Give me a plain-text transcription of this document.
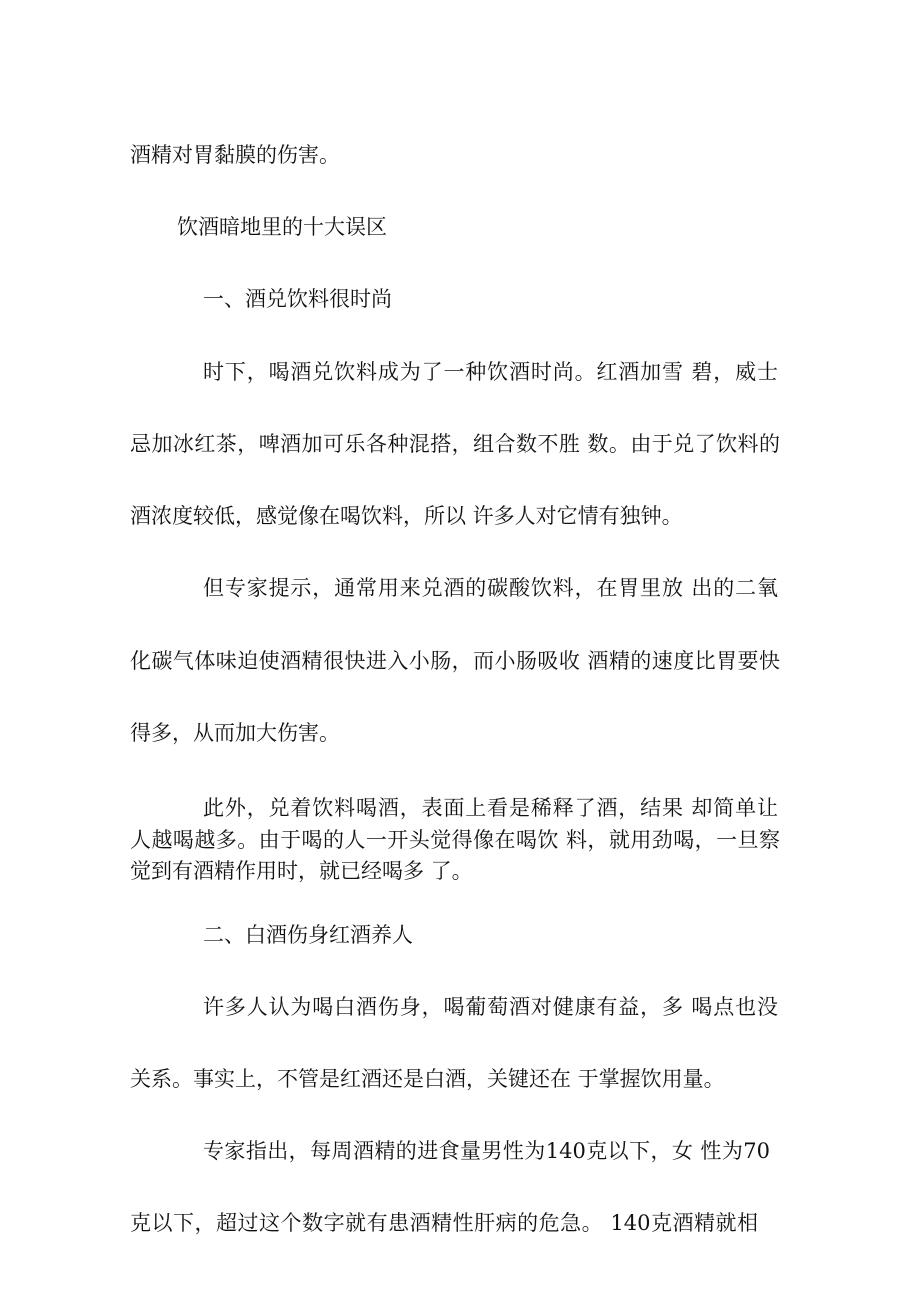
酒精对胃黏膜的伤害。
饮酒暗地里的十大误区
一、酒兑饮料很时尚
时下，喝酒兑饮料成为了一种饮酒时尚。红酒加雪 碧，威士
忌加冰红茶，啤酒加可乐各种混搭，组合数不胜 数。由于兑了饮料的
酒浓度较低，感觉像在喝饮料，所以 许多人对它情有独钟。
但专家提示，通常用来兑酒的碳酸饮料，在胃里放 出的二氧
化碳气体味迫使酒精很快进入小肠，而小肠吸收 酒精的速度比胃要快
得多，从而加大伤害。
此外，兑着饮料喝酒，表面上看是稀释了酒，结果 却简单让
人越喝越多。由于喝的人一开头觉得像在喝饮 料，就用劲喝，一旦察
觉到有酒精作用时，就已经喝多 了。
二、白酒伤身红酒养人
许多人认为喝白酒伤身，喝葡萄酒对健康有益，多 喝点也没
关系。事实上，不管是红酒还是白酒，关键还在 于掌握饮用量。
专家指出，每周酒精的进食量男性为140克以下，女 性为70
克以下，超过这个数字就有患酒精性肝病的危急。 140克酒精就相
